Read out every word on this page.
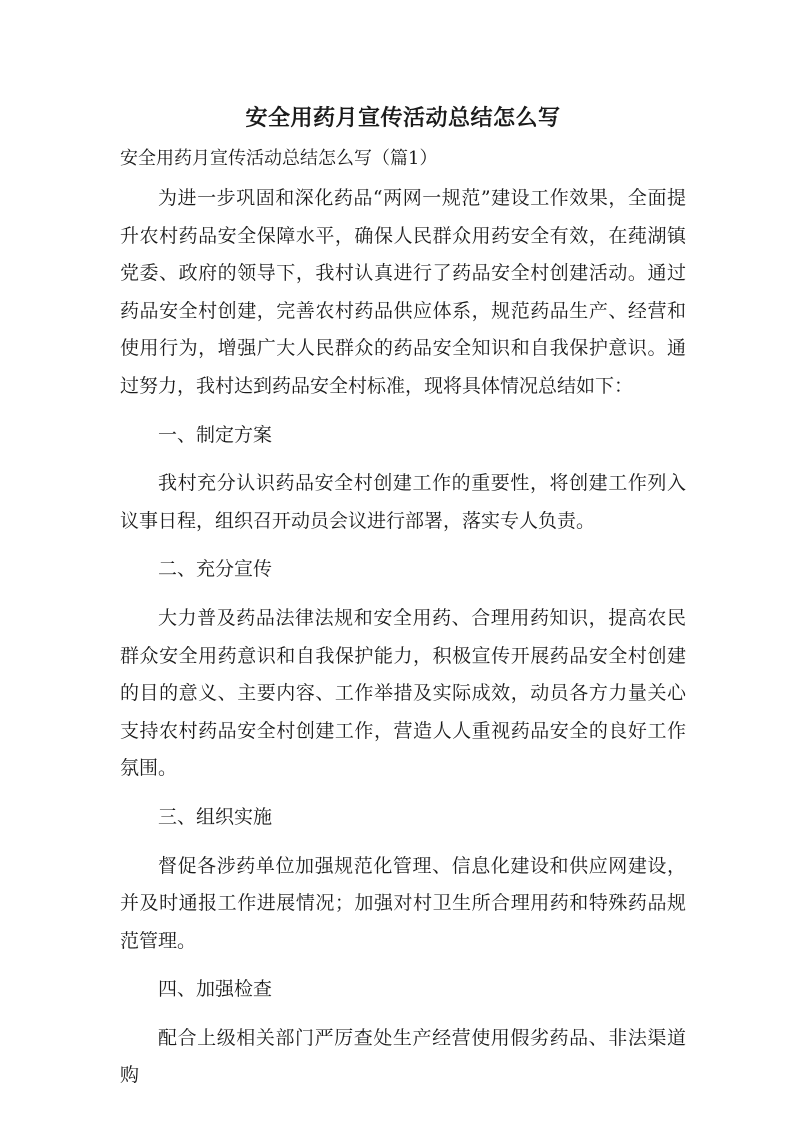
安全用药月宣传活动总结怎么写
安全用药月宣传活动总结怎么写（篇1）
为进一步巩固和深化药品“两网一规范”建设工作效果，全面提升农村药品安全保障水平，确保人民群众用药安全有效，在莼湖镇党委、政府的领导下，我村认真进行了药品安全村创建活动。通过药品安全村创建，完善农村药品供应体系，规范药品生产、经营和使用行为，增强广大人民群众的药品安全知识和自我保护意识。通过努力，我村达到药品安全村标准，现将具体情况总结如下：
一、制定方案
我村充分认识药品安全村创建工作的重要性，将创建工作列入议事日程，组织召开动员会议进行部署，落实专人负责。
二、充分宣传
大力普及药品法律法规和安全用药、合理用药知识，提高农民群众安全用药意识和自我保护能力，积极宣传开展药品安全村创建的目的意义、主要内容、工作举措及实际成效，动员各方力量关心支持农村药品安全村创建工作，营造人人重视药品安全的良好工作氛围。
三、组织实施
督促各涉药单位加强规范化管理、信息化建设和供应网建设，并及时通报工作进展情况；加强对村卫生所合理用药和特殊药品规范管理。
四、加强检查
配合上级相关部门严厉查处生产经营使用假劣药品、非法渠道购
